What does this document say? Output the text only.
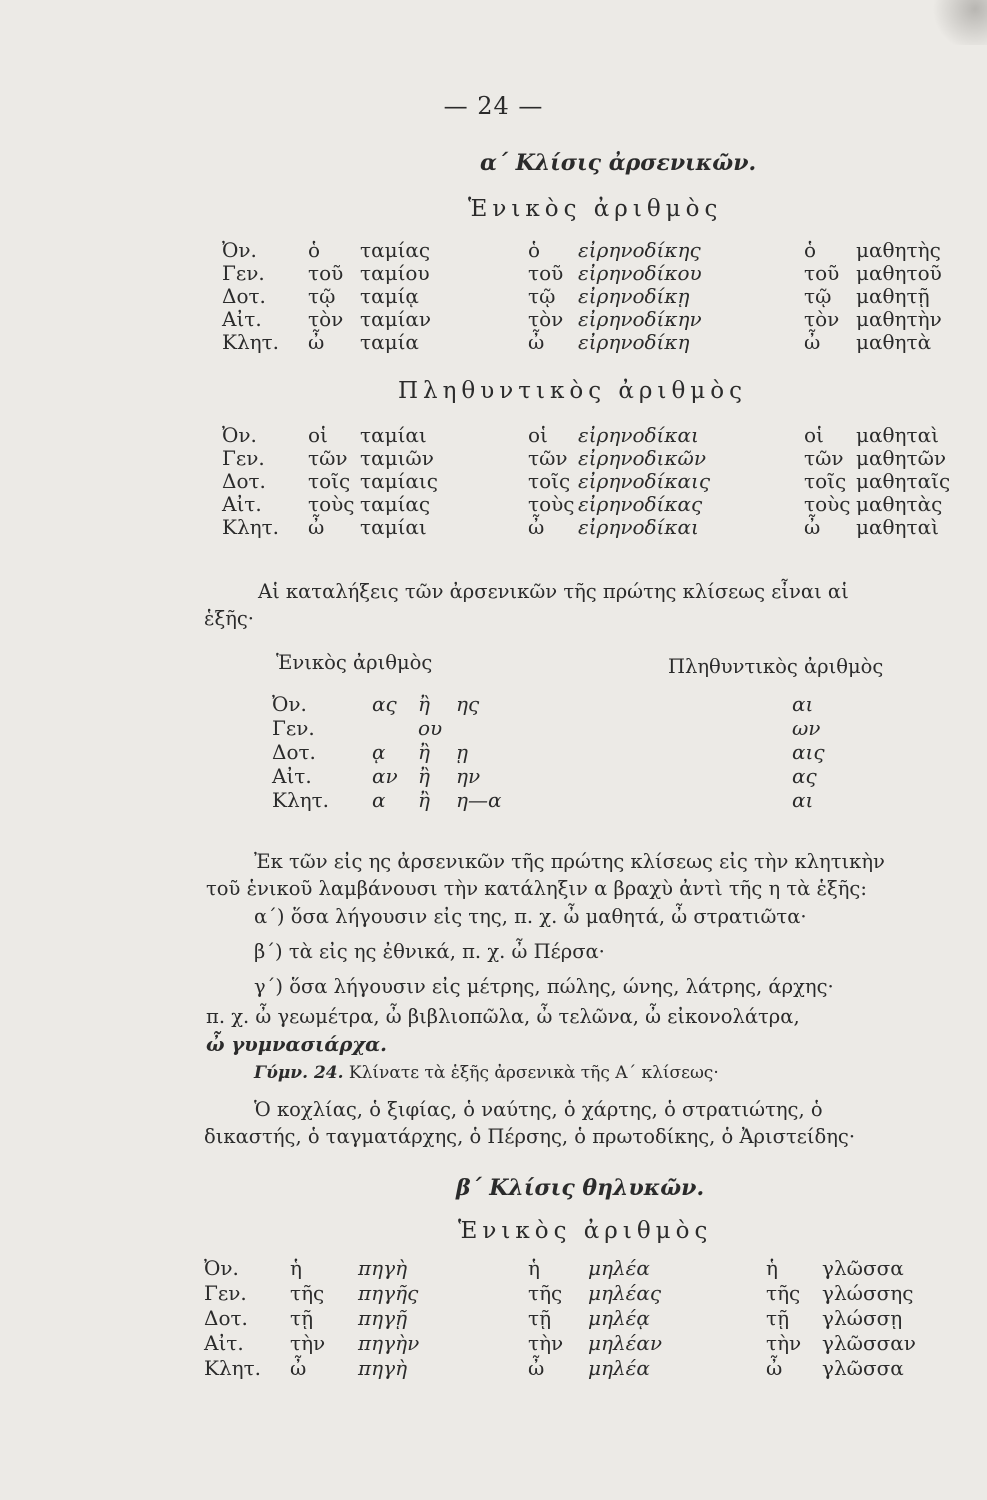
— 24 —
α΄ Κλίσις ἀρσενικῶν.
Ἑνικὸς ἀριθμὸς
Ὀν.	ὁ ταμίας	ὁ εἰρηνοδίκης	ὁ μαθητὴς
Γεν. τοῦ ταμίου	τοῦ εἰρηνοδίκου	τοῦ μαθητοῦ
Δοτ. τῷ ταμίᾳ	τῷ εἰρηνοδίκῃ	τῷ μαθητῇ
Αἰτ. τὸν ταμίαν	τὸν εἰρηνοδίκην	τὸν μαθητὴν
Κλητ. ὦ ταμία	ὦ εἰρηνοδίκη	ὦ μαθητὰ
Πληθυντικὸς ἀριθμὸς
Ὀν.	οἱ ταμίαι	οἱ εἰρηνοδίκαι	οἱ μαθηταὶ
Γεν. τῶν ταμιῶν	τῶν εἰρηνοδικῶν	τῶν μαθητῶν
Δοτ. τοῖς ταμίαις	τοῖς εἰρηνοδίκαις	τοῖς μαθηταῖς
Αἰτ. τοὺς ταμίας	τοὺς εἰρηνοδίκας	τοὺς μαθητὰς
Κλητ. ὦ ταμίαι	ὦ εἰρηνοδίκαι	ὦ μαθηταὶ
Αἱ καταλήξεις τῶν ἀρσενικῶν τῆς πρώτης κλίσεως εἶναι αἱ
ἑξῆς·
Ἑνικὸς ἀριθμὸς	Πληθυντικὸς ἀριθμὸς
Ὀν.	ας ἢ ης	αι
Γεν.	ου	ων
Δοτ.	ᾳ ἢ ῃ	αις
Αἰτ.	αν ἢ ην	ας
Κλητ. α ἢ η—α	αι
Ἐκ τῶν εἰς ης ἀρσενικῶν τῆς πρώτης κλίσεως εἰς τὴν κλητικὴν
τοῦ ἑνικοῦ λαμβάνουσι τὴν κατάληξιν α βραχὺ ἀντὶ τῆς η τὰ ἑξῆς:
α΄) ὅσα λήγουσιν εἰς της, π. χ. ὦ μαθητά, ὦ στρατιῶτα·
β΄) τὰ εἰς ης ἐθνικά, π. χ. ὦ Πέρσα·
γ΄) ὅσα λήγουσιν εἰς μέτρης, πώλης, ώνης, λάτρης, άρχης·
π. χ. ὦ γεωμέτρα, ὦ βιβλιοπῶλα, ὦ τελῶνα, ὦ εἰκονολάτρα,
ὦ γυμνασιάρχα.
Γύμν. 24. Κλίνατε τὰ ἑξῆς ἀρσενικὰ τῆς Α΄ κλίσεως·
Ὁ κοχλίας, ὁ ξιφίας, ὁ ναύτης, ὁ χάρτης, ὁ στρατιώτης, ὁ
δικαστής, ὁ ταγματάρχης, ὁ Πέρσης, ὁ πρωτοδίκης, ὁ Ἀριστείδης·
β΄ Κλίσις θηλυκῶν.
Ἑνικὸς ἀριθμὸς
Ὀν.	ἡ	πηγὴ	ἡ μηλέα	ἡ γλῶσσα
Γεν. τῆς πηγῆς	τῆς μηλέας	τῆς γλώσσης
Δοτ. τῇ πηγῇ	τῇ μηλέᾳ	τῇ γλώσσῃ
Αἰτ. τὴν πηγὴν	τὴν μηλέαν	τὴν γλῶσσαν
Κλητ. ὦ	πηγὴ	ὦ μηλέα	ὦ γλῶσσα
